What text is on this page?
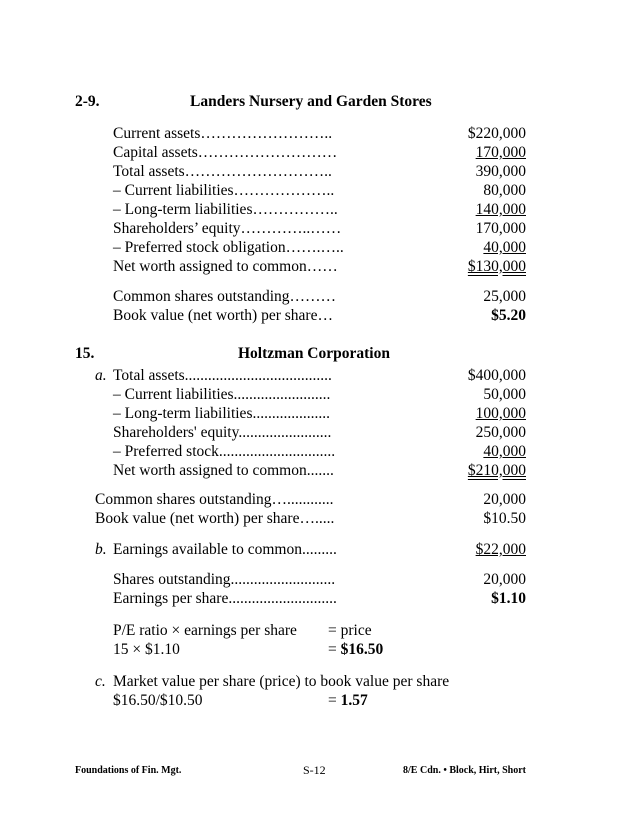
2-9.	Landers Nursery and Garden Stores
Current assets……………………..	$220,000
Capital assets………………………	170,000
Total assets………………………..	390,000
– Current liabilities………………..	80,000
– Long-term liabilities……………..	140,000
Shareholders’ equity…………..……	170,000
– Preferred stock obligation…….…..	40,000
Net worth assigned to common……	$130,000
Common shares outstanding………	25,000
Book value (net worth) per share…	$5.20
15.	Holtzman Corporation
a. Total assets......................................	$400,000
– Current liabilities.........................	50,000
– Long-term liabilities....................	100,000
Shareholders' equity........................	250,000
– Preferred stock..............................	40,000
Net worth assigned to common.......	$210,000
Common shares outstanding…............	20,000
Book value (net worth) per share….....	$10.50
b. Earnings available to common.........	$22,000
Shares outstanding...........................	20,000
Earnings per share............................	$1.10
P/E ratio × earnings per share = price
15 × $1.10	= $16.50
c. Market value per share (price) to book value per share
$16.50/$10.50	= 1.57
Foundations of Fin. Mgt.	S-12	8/E Cdn. • Block, Hirt, Short
